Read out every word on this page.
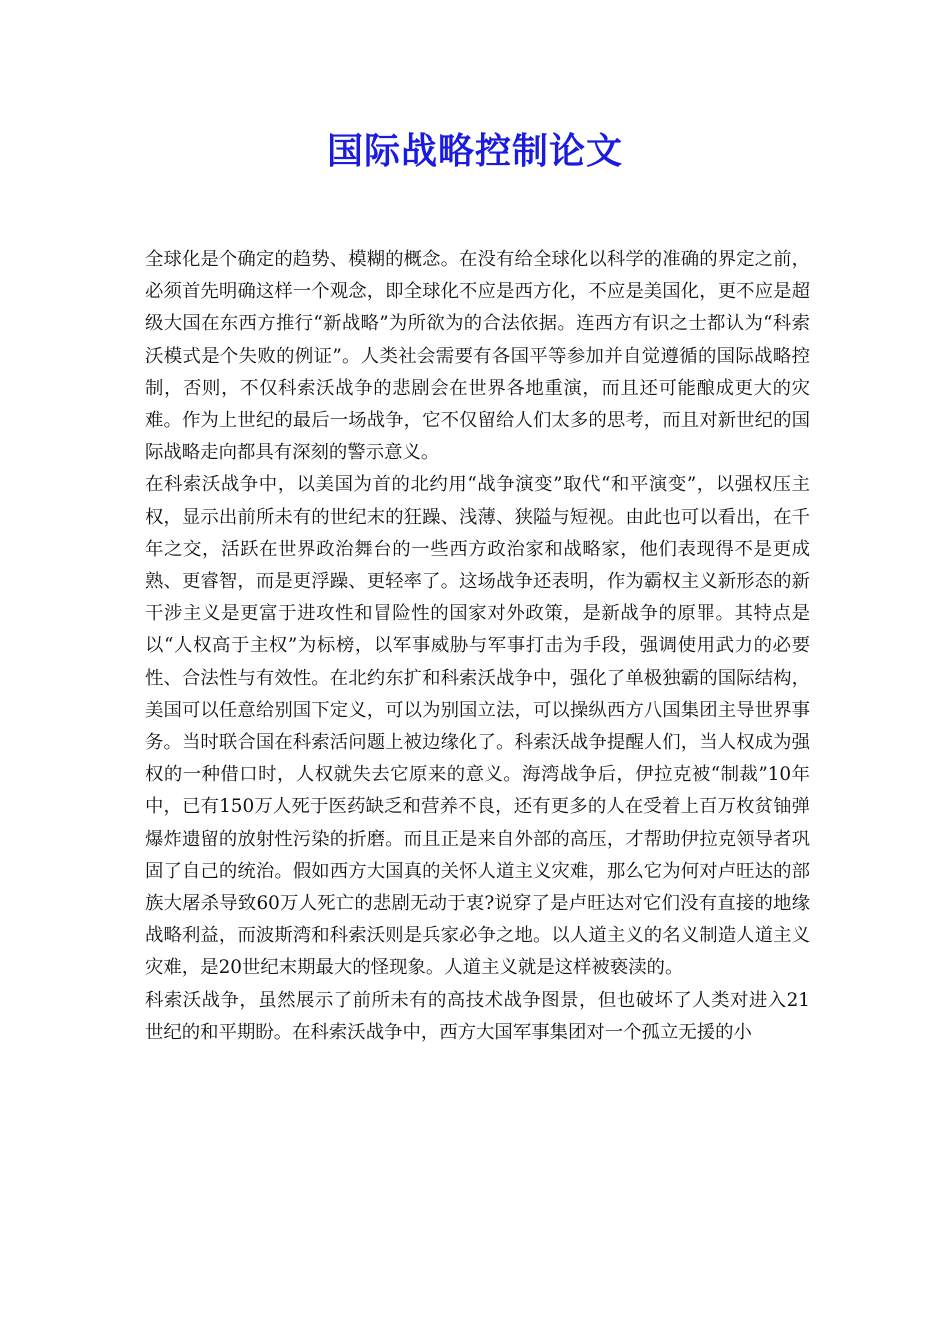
国际战略控制论文

全球化是个确定的趋势、模糊的概念。在没有给全球化以科学的准确的界定之前，必须首先明确这样一个观念，即全球化不应是西方化，不应是美国化，更不应是超级大国在东西方推行“新战略”为所欲为的合法依据。连西方有识之士都认为“科索沃模式是个失败的例证”。人类社会需要有各国平等参加并自觉遵循的国际战略控制，否则，不仅科索沃战争的悲剧会在世界各地重演，而且还可能酿成更大的灾难。作为上世纪的最后一场战争，它不仅留给人们太多的思考，而且对新世纪的国际战略走向都具有深刻的警示意义。

在科索沃战争中，以美国为首的北约用“战争演变”取代“和平演变”，以强权压主权，显示出前所未有的世纪末的狂躁、浅薄、狭隘与短视。由此也可以看出，在千年之交，活跃在世界政治舞台的一些西方政治家和战略家，他们表现得不是更成熟、更睿智，而是更浮躁、更轻率了。这场战争还表明，作为霸权主义新形态的新干涉主义是更富于进攻性和冒险性的国家对外政策，是新战争的原罪。其特点是以“人权高于主权”为标榜，以军事威胁与军事打击为手段，强调使用武力的必要性、合法性与有效性。在北约东扩和科索沃战争中，强化了单极独霸的国际结构，美国可以任意给别国下定义，可以为别国立法，可以操纵西方八国集团主导世界事务。当时联合国在科索活问题上被边缘化了。科索沃战争提醒人们，当人权成为强权的一种借口时，人权就失去它原来的意义。海湾战争后，伊拉克被“制裁”10年中，已有150万人死于医药缺乏和营养不良，还有更多的人在受着上百万枚贫铀弹爆炸遗留的放射性污染的折磨。而且正是来自外部的高压，才帮助伊拉克领导者巩固了自己的统治。假如西方大国真的关怀人道主义灾难，那么它为何对卢旺达的部族大屠杀导致60万人死亡的悲剧无动于衷?说穿了是卢旺达对它们没有直接的地缘战略利益，而波斯湾和科索沃则是兵家必争之地。以人道主义的名义制造人道主义灾难，是20世纪末期最大的怪现象。人道主义就是这样被亵渎的。

科索沃战争，虽然展示了前所未有的高技术战争图景，但也破坏了人类对进入21世纪的和平期盼。在科索沃战争中，西方大国军事集团对一个孤立无援的小
